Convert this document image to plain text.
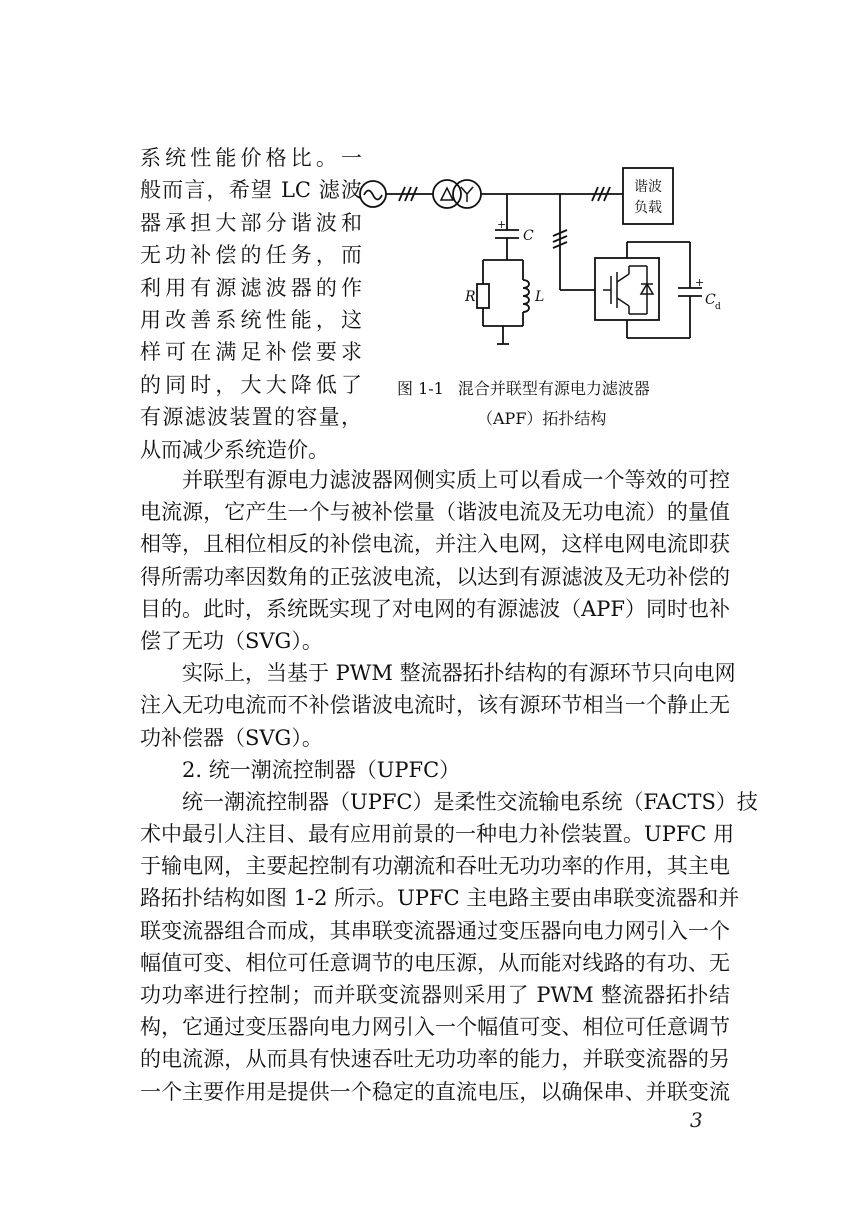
系统性能价格比。一
般而言，希望 LC 滤波
器承担大部分谐波和
无功补偿的任务，而
利用有源滤波器的作
用改善系统性能，这
样可在满足补偿要求
的同时，大大降低了
有源滤波装置的容量，
从而减少系统造价。
谐波
负载
+
C
R	L
+
C d
图 1-1 混合并联型有源电力滤波器
（APF）拓扑结构
并联型有源电力滤波器网侧实质上可以看成一个等效的可控
电流源，它产生一个与被补偿量（谐波电流及无功电流）的量值
相等，且相位相反的补偿电流，并注入电网，这样电网电流即获
得所需功率因数角的正弦波电流，以达到有源滤波及无功补偿的
目的。此时，系统既实现了对电网的有源滤波（APF）同时也补
偿了无功（SVG）。
实际上，当基于 PWM 整流器拓扑结构的有源环节只向电网
注入无功电流而不补偿谐波电流时，该有源环节相当一个静止无
功补偿器（SVG）。
2. 统一潮流控制器（UPFC）
统一潮流控制器（UPFC）是柔性交流输电系统（FACTS）技
术中最引人注目、最有应用前景的一种电力补偿装置。UPFC 用
于输电网，主要起控制有功潮流和吞吐无功功率的作用，其主电
路拓扑结构如图 1-2 所示。UPFC 主电路主要由串联变流器和并
联变流器组合而成，其串联变流器通过变压器向电力网引入一个
幅值可变、相位可任意调节的电压源，从而能对线路的有功、无
功功率进行控制；而并联变流器则采用了 PWM 整流器拓扑结
构，它通过变压器向电力网引入一个幅值可变、相位可任意调节
的电流源，从而具有快速吞吐无功功率的能力，并联变流器的另
一个主要作用是提供一个稳定的直流电压，以确保串、并联变流
3
